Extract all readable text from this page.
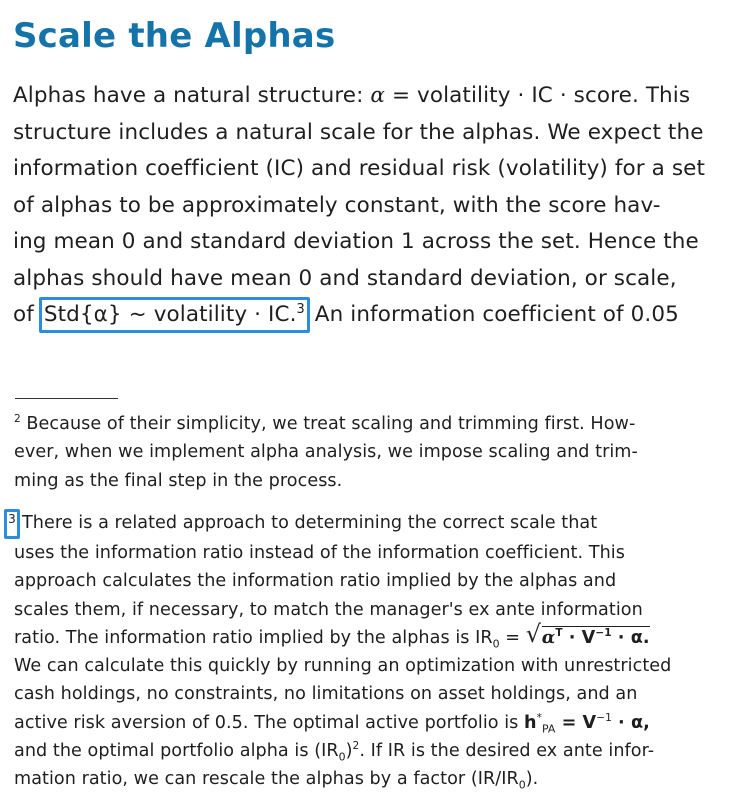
Scale the Alphas
Alphas have a natural structure: α = volatility · IC · score. This
structure includes a natural scale for the alphas. We expect the
information coefficient (IC) and residual risk (volatility) for a set
of alphas to be approximately constant, with the score hav-
ing mean 0 and standard deviation 1 across the set. Hence the
alphas should have mean 0 and standard deviation, or scale,
of Std{α} ~ volatility · IC.$^3$ An information coefficient of 0.05
$^2$ Because of their simplicity, we treat scaling and trimming first. How-
ever, when we implement alpha analysis, we impose scaling and trim-
ming as the final step in the process.
3 There is a related approach to determining the correct scale that
uses the information ratio instead of the information coefficient. This
approach calculates the information ratio implied by the alphas and
scales them, if necessary, to match the manager's ex ante information
ratio. The information ratio implied by the alphas is $IR_0$ = √ $\alpha^T \cdot V^{-1} \cdot \alpha$.
We can calculate this quickly by running an optimization with unrestricted
cash holdings, no constraints, no limitations on asset holdings, and an
active risk aversion of 0.5. The optimal active portfolio is $h^*_{PA} = V^{-1} \cdot \alpha$,
and the optimal portfolio alpha is $(IR_0)^2$. If IR is the desired ex ante infor-
mation ratio, we can rescale the alphas by a factor $(IR/IR_0)$.
